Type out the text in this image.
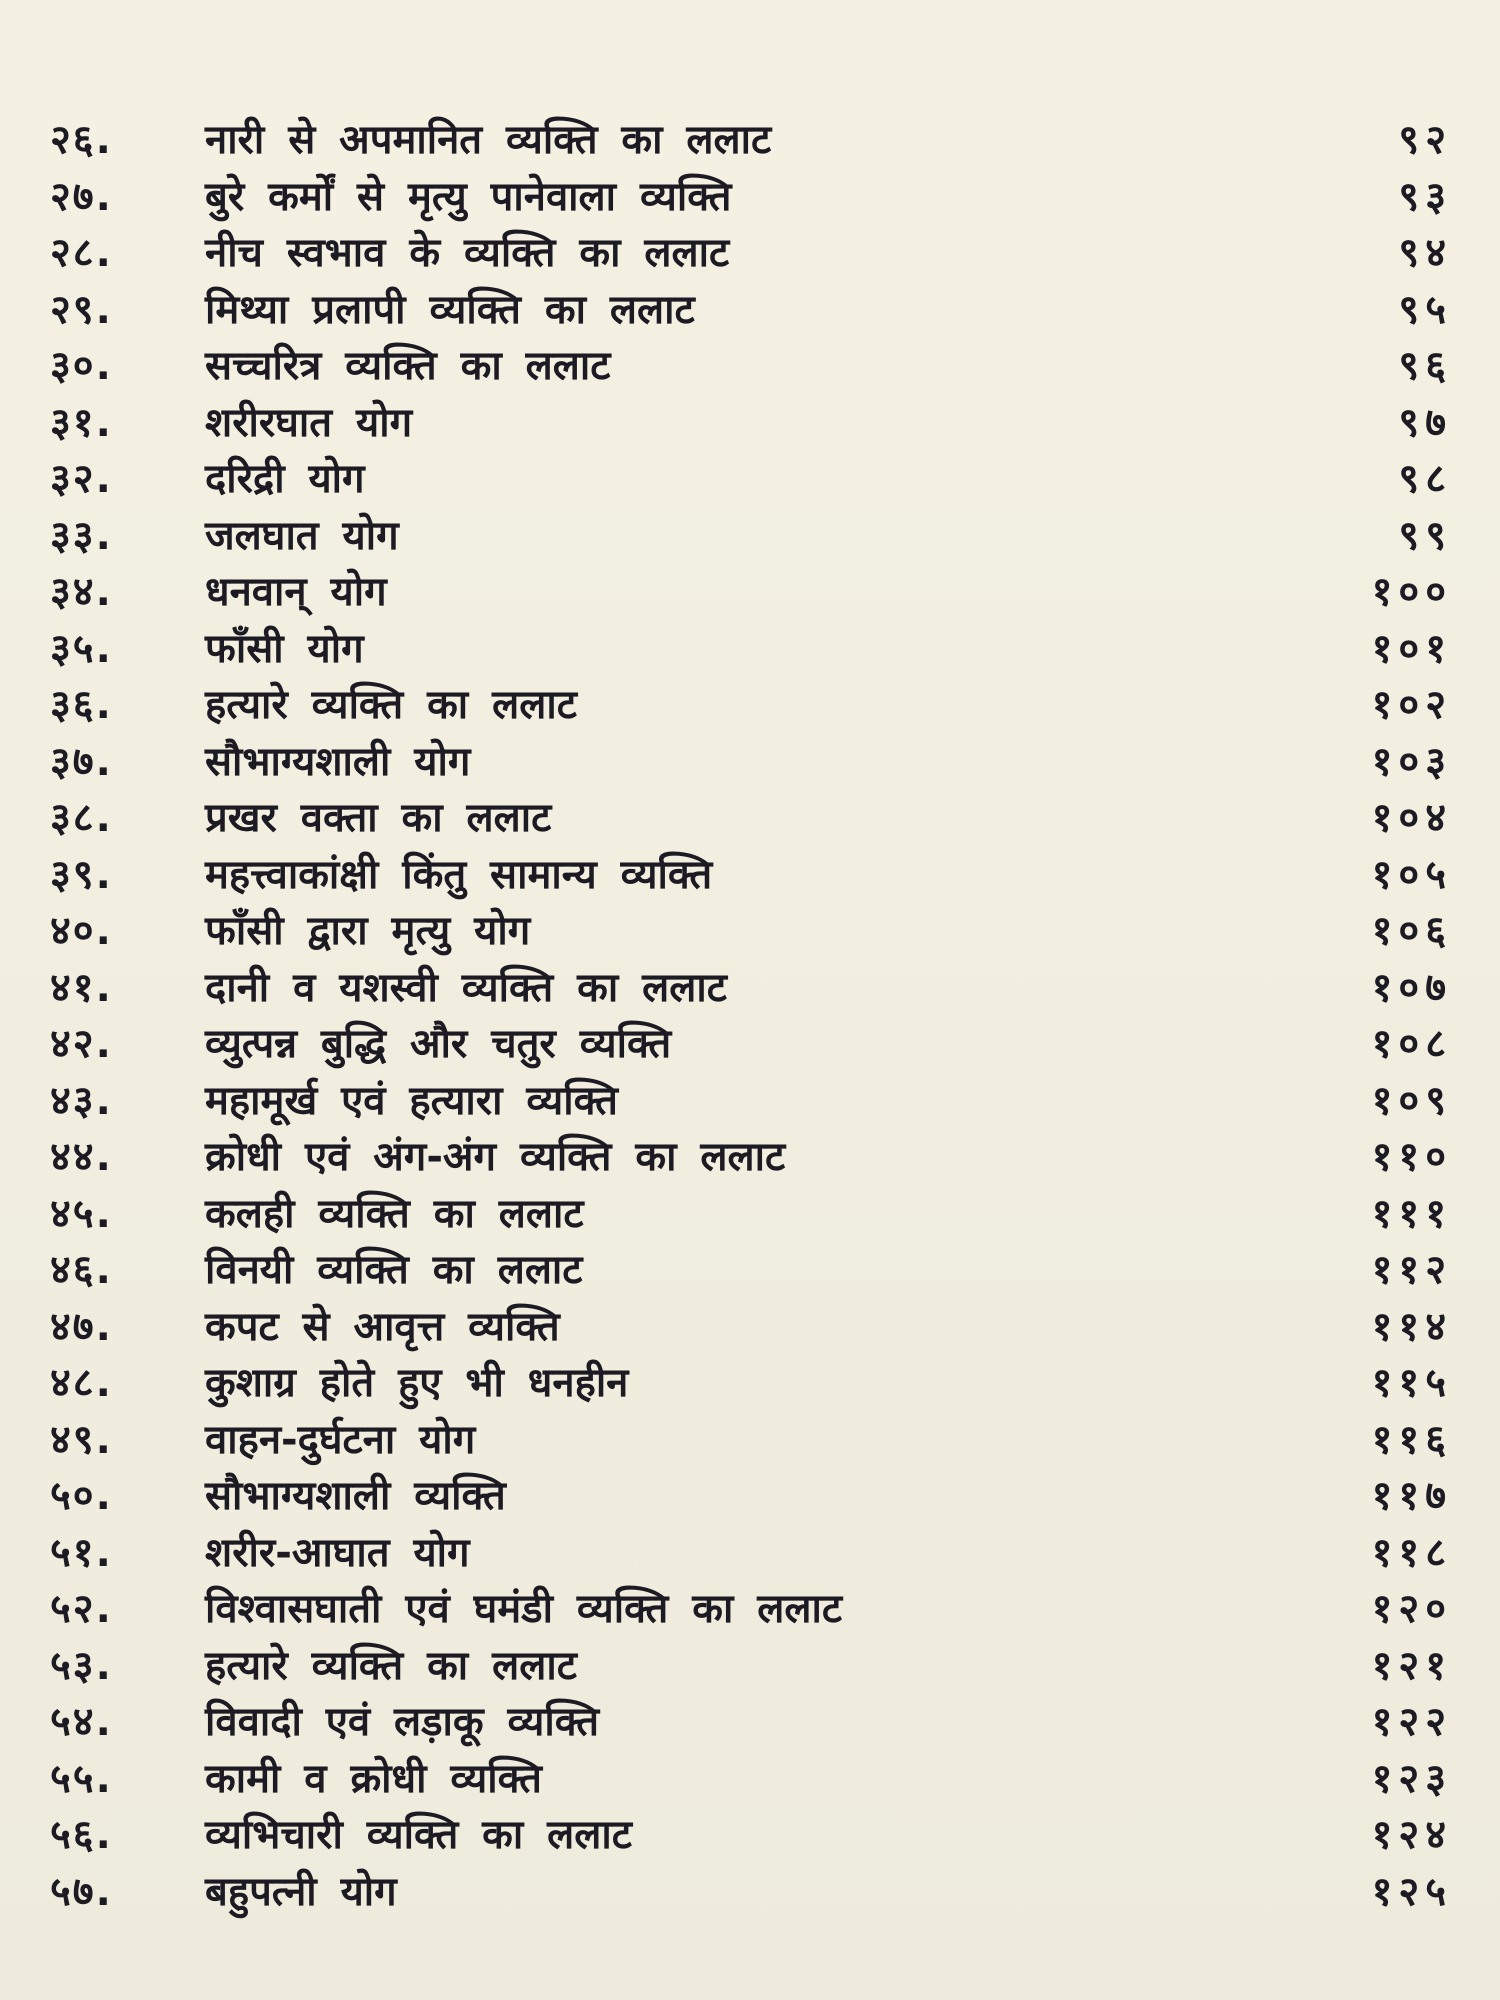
२६. नारी से अपमानित व्यक्ति का ललाट	९२
२७. बुरे कर्मों से मृत्यु पानेवाला व्यक्ति	९३
२८. नीच स्वभाव के व्यक्ति का ललाट	९४
२९. मिथ्या प्रलापी व्यक्ति का ललाट	९५
३०. सच्चरित्र व्यक्ति का ललाट	९६
३१. शरीरघात योग	९७
३२. दरिद्री योग	९८
३३. जलघात योग	९९
३४. धनवान् योग	१००
३५. फाँसी योग	१०१
३६. हत्यारे व्यक्ति का ललाट	१०२
३७. सौभाग्यशाली योग	१०३
३८. प्रखर वक्ता का ललाट	१०४
३९. महत्त्वाकांक्षी किंतु सामान्य व्यक्ति	१०५
४०. फाँसी द्वारा मृत्यु योग	१०६
४१. दानी व यशस्वी व्यक्ति का ललाट	१०७
४२. व्युत्पन्न बुद्धि और चतुर व्यक्ति	१०८
४३. महामूर्ख एवं हत्यारा व्यक्ति	१०९
४४. क्रोधी एवं अंग-अंग व्यक्ति का ललाट	११०
४५. कलही व्यक्ति का ललाट	१११
४६. विनयी व्यक्ति का ललाट	११२
४७. कपट से आवृत्त व्यक्ति	११४
४८. कुशाग्र होते हुए भी धनहीन	११५
४९. वाहन-दुर्घटना योग	११६
५०. सौभाग्यशाली व्यक्ति	११७
५१. शरीर-आघात योग	११८
५२. विश्वासघाती एवं घमंडी व्यक्ति का ललाट	१२०
५३. हत्यारे व्यक्ति का ललाट	१२१
५४. विवादी एवं लड़ाकू व्यक्ति	१२२
५५. कामी व क्रोधी व्यक्ति	१२३
५६. व्यभिचारी व्यक्ति का ललाट	१२४
५७. बहुपत्नी योग	१२५
